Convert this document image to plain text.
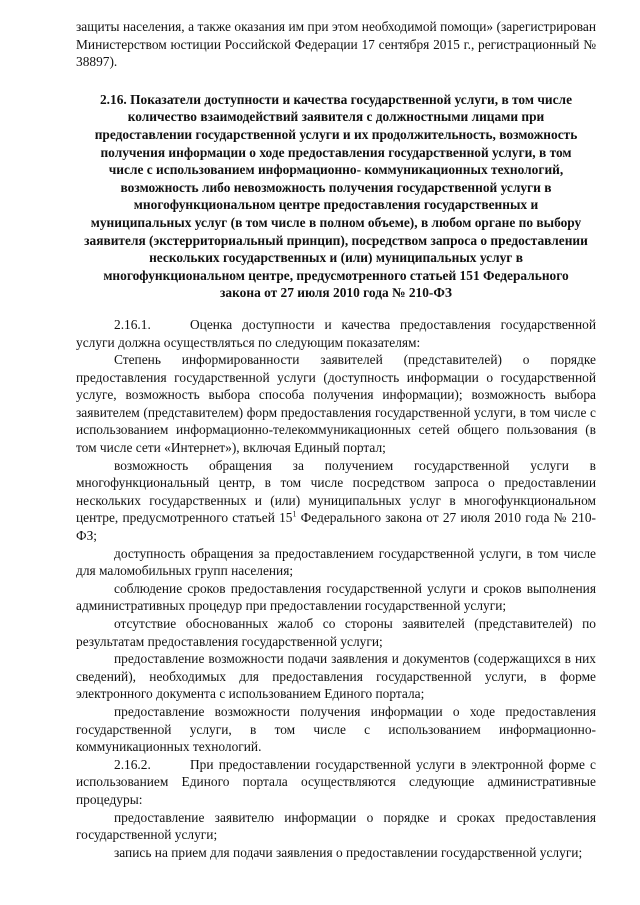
защиты населения, а также оказания им при этом необходимой помощи» (зарегистрирован Министерством юстиции Российской Федерации 17 сентября 2015 г., регистрационный № 38897).

2.16. Показатели доступности и качества государственной услуги, в том числе количество взаимодействий заявителя с должностными лицами при предоставлении государственной услуги и их продолжительность, возможность получения информации о ходе предоставления государственной услуги, в том числе с использованием информационно- коммуникационных технологий, возможность либо невозможность получения государственной услуги в многофункциональном центре предоставления государственных и муниципальных услуг (в том числе в полном объеме), в любом органе по выбору заявителя (экстерриториальный принцип), посредством запроса о предоставлении нескольких государственных и (или) муниципальных услуг в многофункциональном центре, предусмотренного статьей 151 Федерального закона от 27 июля 2010 года № 210-ФЗ

2.16.1.	Оценка доступности и качества предоставления государственной услуги должна осуществляться по следующим показателям:

Степень информированности заявителей (представителей) о порядке предоставления государственной услуги (доступность информации о государственной услуге, возможность выбора способа получения информации); возможность выбора заявителем (представителем) форм предоставления государственной услуги, в том числе с использованием информационно-телекоммуникационных сетей общего пользования (в том числе сети «Интернет»), включая Единый портал;

возможность обращения за получением государственной услуги в многофункциональный центр, в том числе посредством запроса о предоставлении нескольких государственных и (или) муниципальных услуг в многофункциональном центре, предусмотренного статьей $15^1$ Федерального закона от 27 июля 2010 года № 210- ФЗ;

доступность обращения за предоставлением государственной услуги, в том числе для маломобильных групп населения;

соблюдение сроков предоставления государственной услуги и сроков выполнения административных процедур при предоставлении государственной услуги;

отсутствие обоснованных жалоб со стороны заявителей (представителей) по результатам предоставления государственной услуги;

предоставление возможности подачи заявления и документов (содержащихся в них сведений), необходимых для предоставления государственной услуги, в форме электронного документа с использованием Единого портала;

предоставление возможности получения информации о ходе предоставления государственной услуги, в том числе с использованием информационно-коммуникационных технологий.

2.16.2.	При предоставлении государственной услуги в электронной форме с использованием Единого портала осуществляются следующие административные процедуры:

предоставление заявителю информации о порядке и сроках предоставления государственной услуги;

запись на прием для подачи заявления о предоставлении государственной услуги;
